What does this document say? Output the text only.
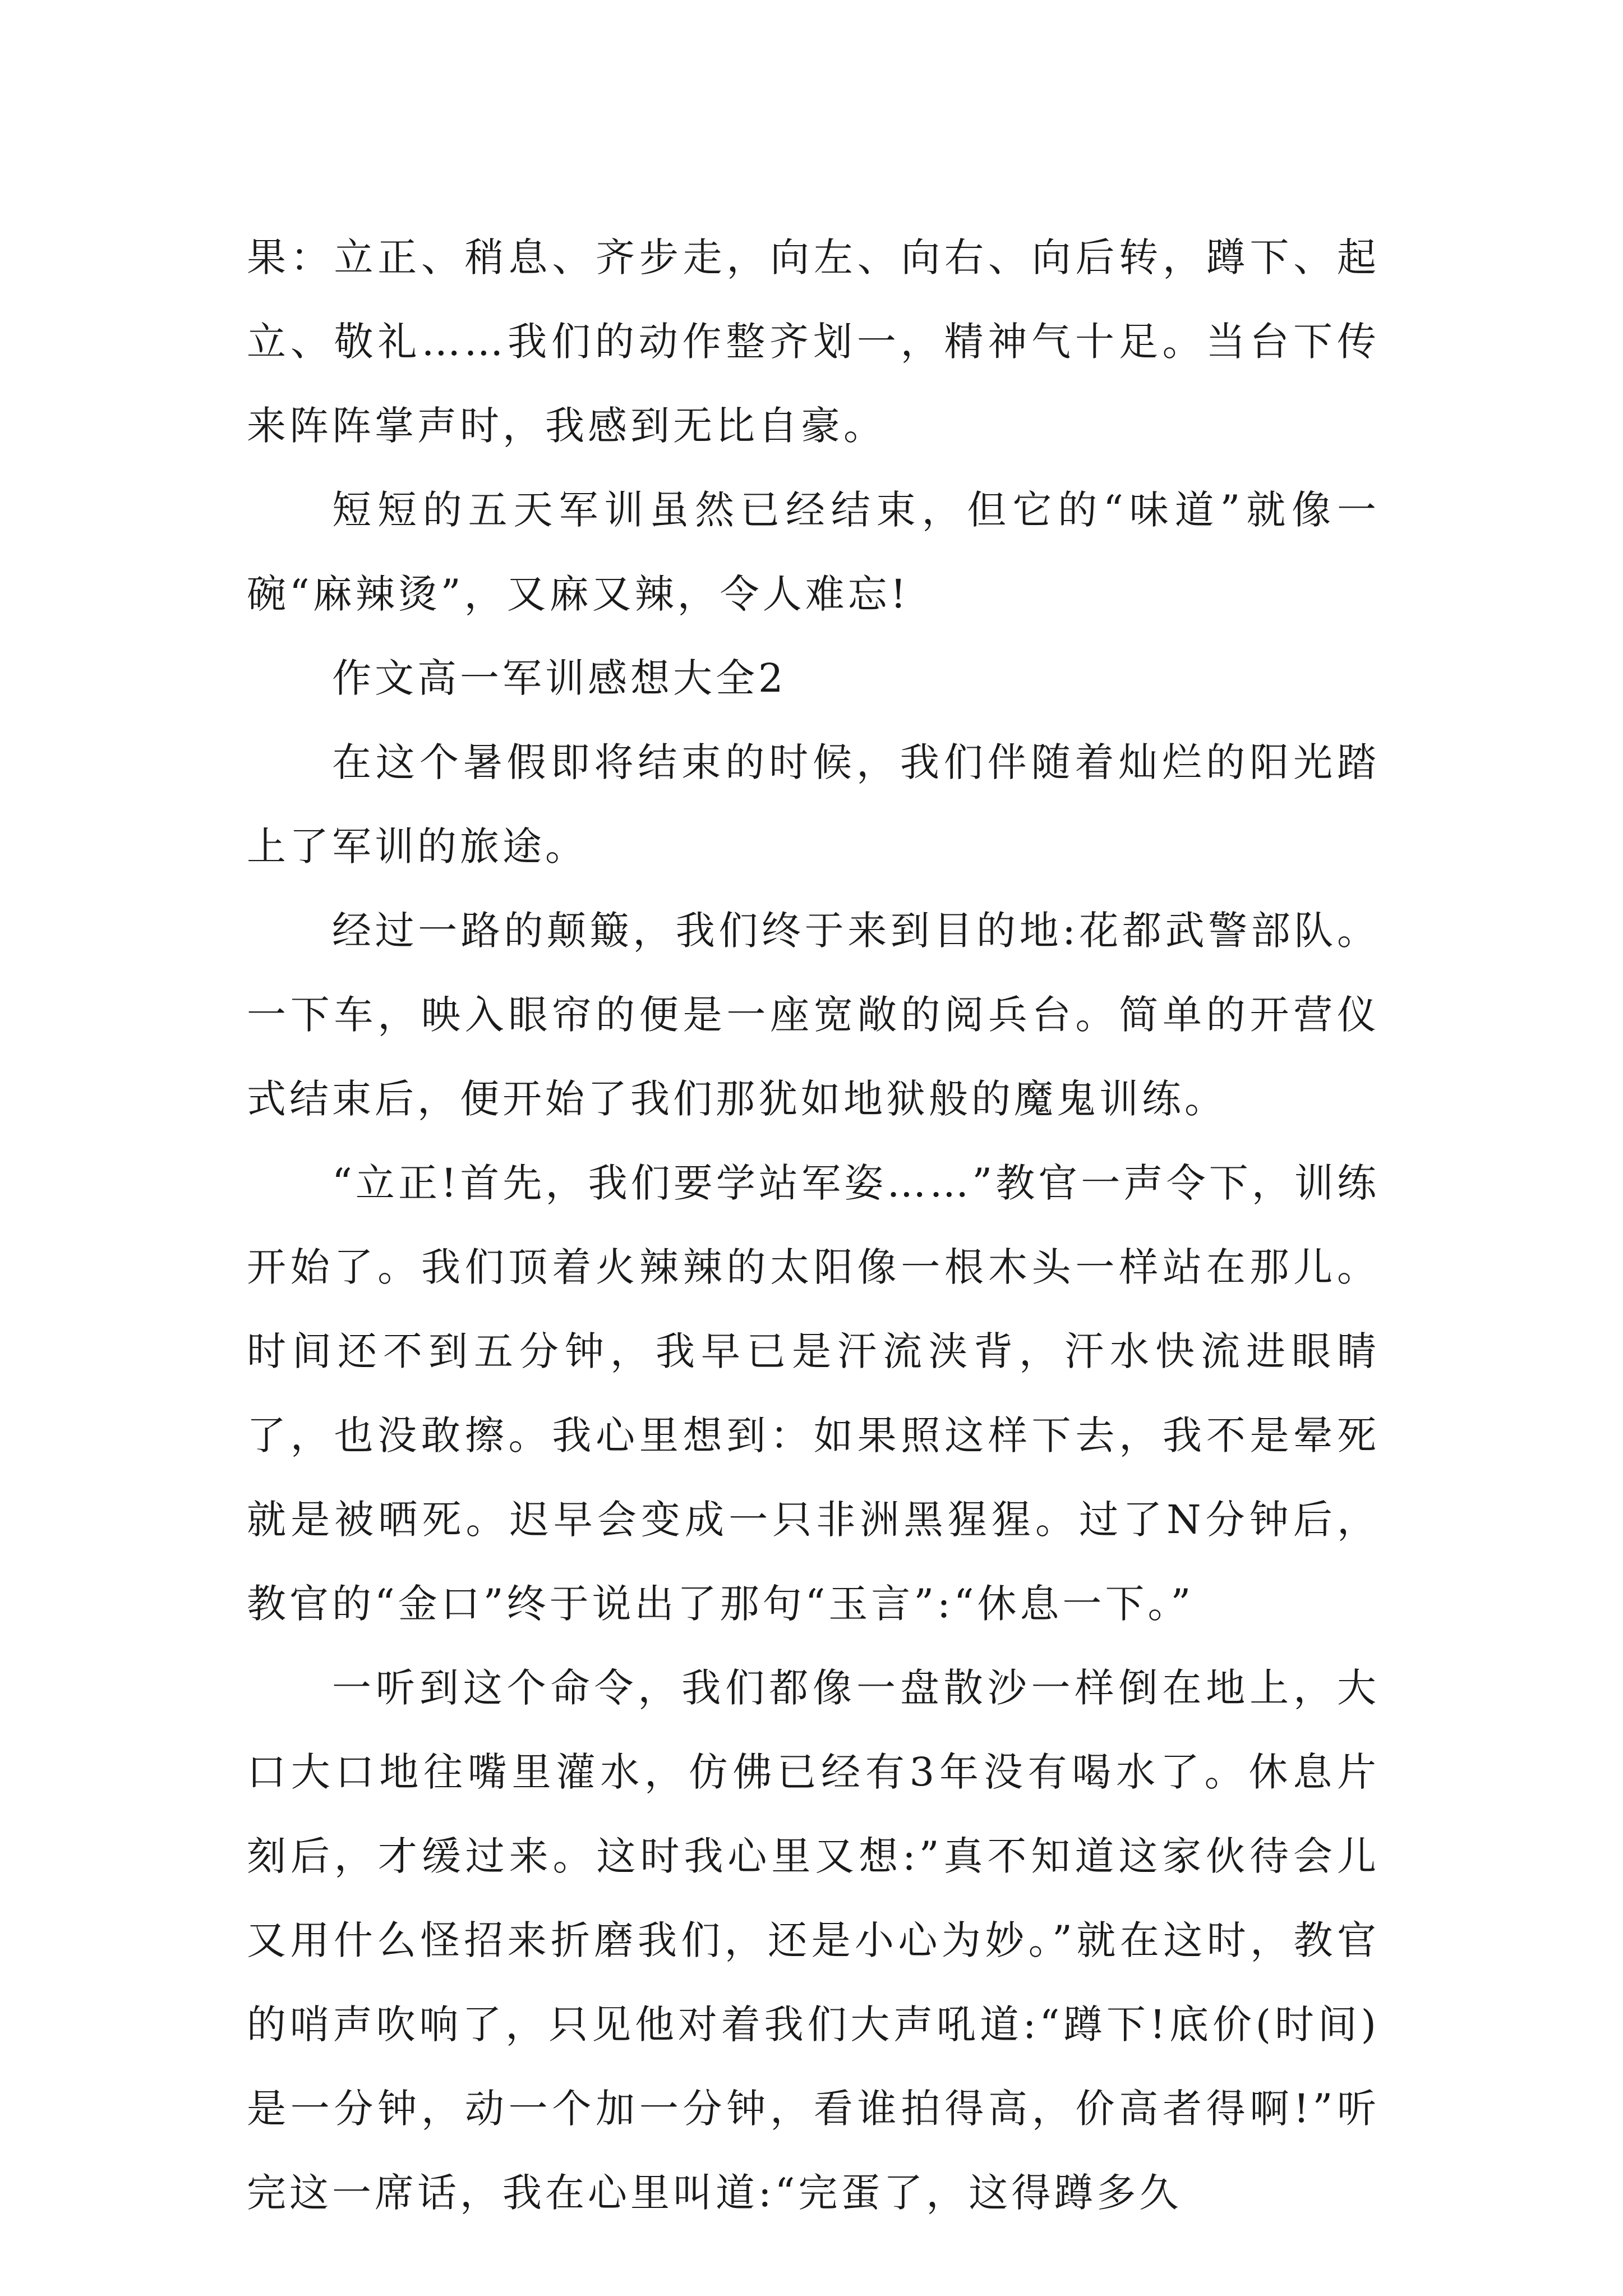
果：立正、稍息、齐步走，向左、向右、向后转，蹲下、起立、敬礼……我们的动作整齐划一，精神气十足。当台下传来阵阵掌声时，我感到无比自豪。

短短的五天军训虽然已经结束，但它的“味道”就像一碗“麻辣烫”，又麻又辣，令人难忘!

作文高一军训感想大全2

在这个暑假即将结束的时候，我们伴随着灿烂的阳光踏上了军训的旅途。

经过一路的颠簸，我们终于来到目的地:花都武警部队。一下车，映入眼帘的便是一座宽敞的阅兵台。简单的开营仪式结束后，便开始了我们那犹如地狱般的魔鬼训练。

“立正!首先，我们要学站军姿……”教官一声令下，训练开始了。我们顶着火辣辣的太阳像一根木头一样站在那儿。时间还不到五分钟，我早已是汗流浃背，汗水快流进眼睛了，也没敢擦。我心里想到：如果照这样下去，我不是晕死就是被晒死。迟早会变成一只非洲黑猩猩。过了N分钟后，教官的“金口”终于说出了那句“玉言”:“休息一下。”

一听到这个命令，我们都像一盘散沙一样倒在地上，大口大口地往嘴里灌水，仿佛已经有3年没有喝水了。休息片刻后，才缓过来。这时我心里又想:”真不知道这家伙待会儿又用什么怪招来折磨我们，还是小心为妙。”就在这时，教官的哨声吹响了，只见他对着我们大声吼道:“蹲下!底价(时间)是一分钟，动一个加一分钟，看谁拍得高，价高者得啊!”听完这一席话，我在心里叫道:“完蛋了，这得蹲多久
